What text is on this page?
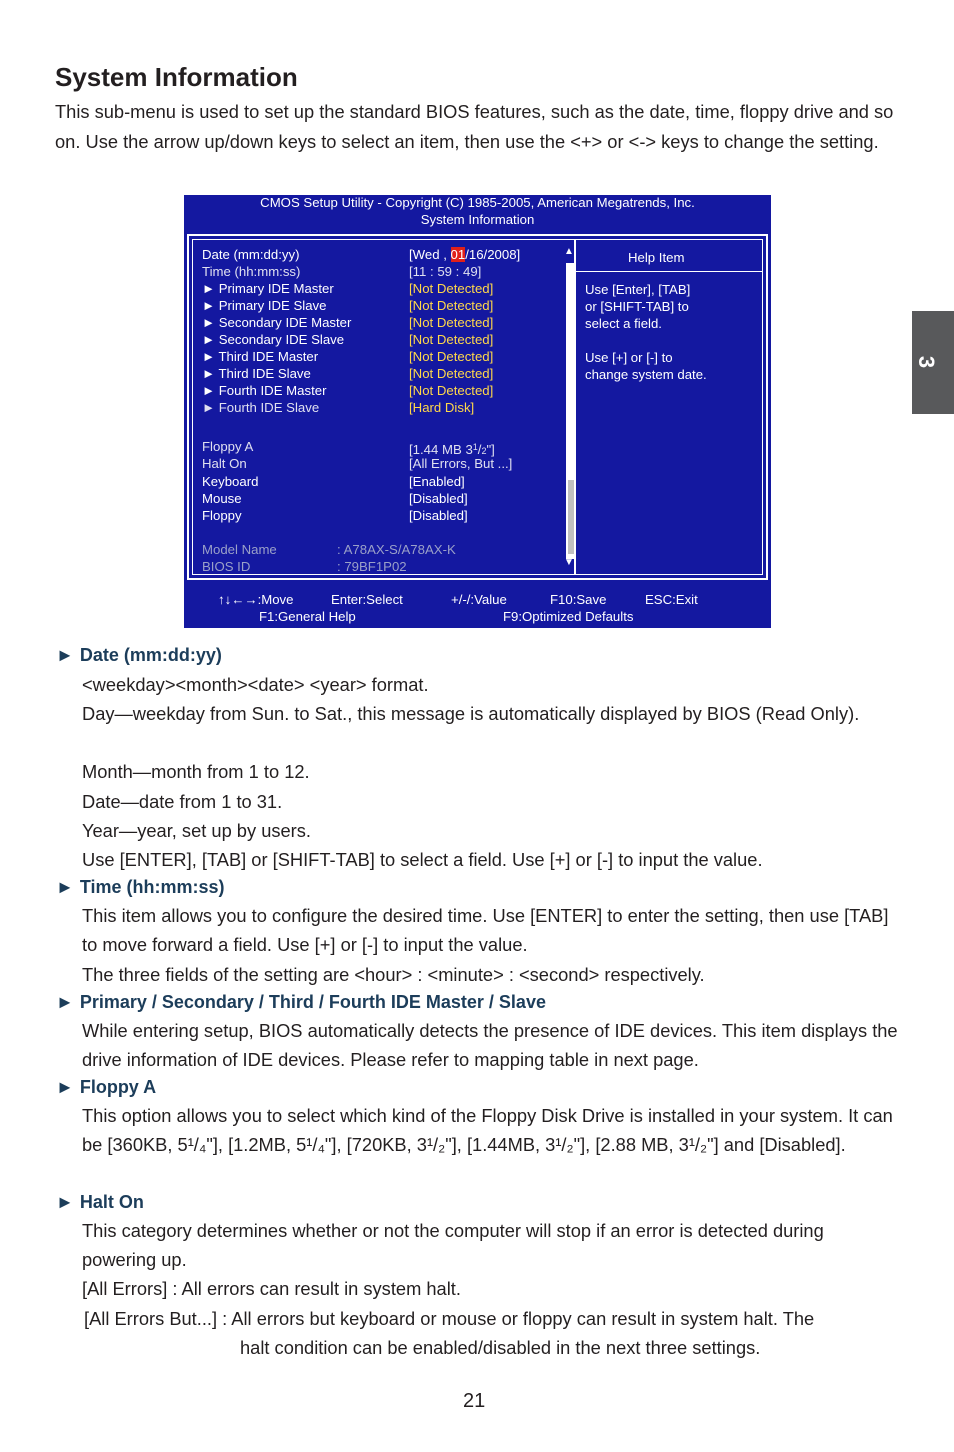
System Information
This sub-menu is used to set up the standard BIOS features, such as the date, time, floppy drive and so on. Use the arrow up/down keys to select an item, then use the <+> or <-> keys to change the setting.
3
CMOS Setup Utility - Copyright (C) 1985-2005, American Megatrends, Inc.
System Information
Date (mm:dd:yy)	[Wed , 01/16/2008]
Time (hh:mm:ss)	[11 : 59 : 49]
► Primary IDE Master	[Not Detected]
► Primary IDE Slave	[Not Detected]
► Secondary IDE Master	[Not Detected]
► Secondary IDE Slave	[Not Detected]
► Third IDE Master	[Not Detected]
► Third IDE Slave	[Not Detected]
► Fourth IDE Master	[Not Detected]
► Fourth IDE Slave	[Hard Disk]
Floppy A	[1.44 MB $3^1/2$"]
Halt On	[All Errors, But ...]
Keyboard	[Enabled]
Mouse	[Disabled]
Floppy	[Disabled]
Model Name	: A78AX-S/A78AX-K
BIOS ID	: 79BF1P02
▲
▼
Help Item
Use [Enter], [TAB]
or [SHIFT-TAB] to
select a field.
Use [+] or [-] to
change system date.
↑↓←→:Move	Enter:Select	+/-/:Value	F10:Save	ESC:Exit
F1:General Help	F9:Optimized Defaults
► Date (mm:dd:yy)
<weekday><month><date> <year> format.
Day—weekday from Sun. to Sat., this message is automatically displayed by BIOS (Read Only).
Month—month from 1 to 12.
Date—date from 1 to 31.
Year—year, set up by users.
Use [ENTER], [TAB] or [SHIFT-TAB] to select a field. Use [+] or [-] to input the value.
► Time (hh:mm:ss)
This item allows you to configure the desired time. Use [ENTER] to enter the setting, then use [TAB] to move forward a field. Use [+] or [-] to input the value.
The three fields of the setting are <hour> : <minute> : <second> respectively.
► Primary / Secondary / Third / Fourth IDE Master / Slave
While entering setup, BIOS automatically detects the presence of IDE devices. This item displays the drive information of IDE devices. Please refer to mapping table in next page.
► Floppy A
This option allows you to select which kind of the Floppy Disk Drive is installed in your system. It can be [360KB, 5¹/₄"], [1.2MB, 5¹/₄"], [720KB, 3¹/₂"], [1.44MB, 3¹/₂"], [2.88 MB, 3¹/₂"] and [Disabled].
► Halt On
This category determines whether or not the computer will stop if an error is detected during powering up.
[All Errors] : All errors can result in system halt.
[All Errors But...] : All errors but keyboard or mouse or floppy can result in system halt. The
halt condition can be enabled/disabled in the next three settings.
21
